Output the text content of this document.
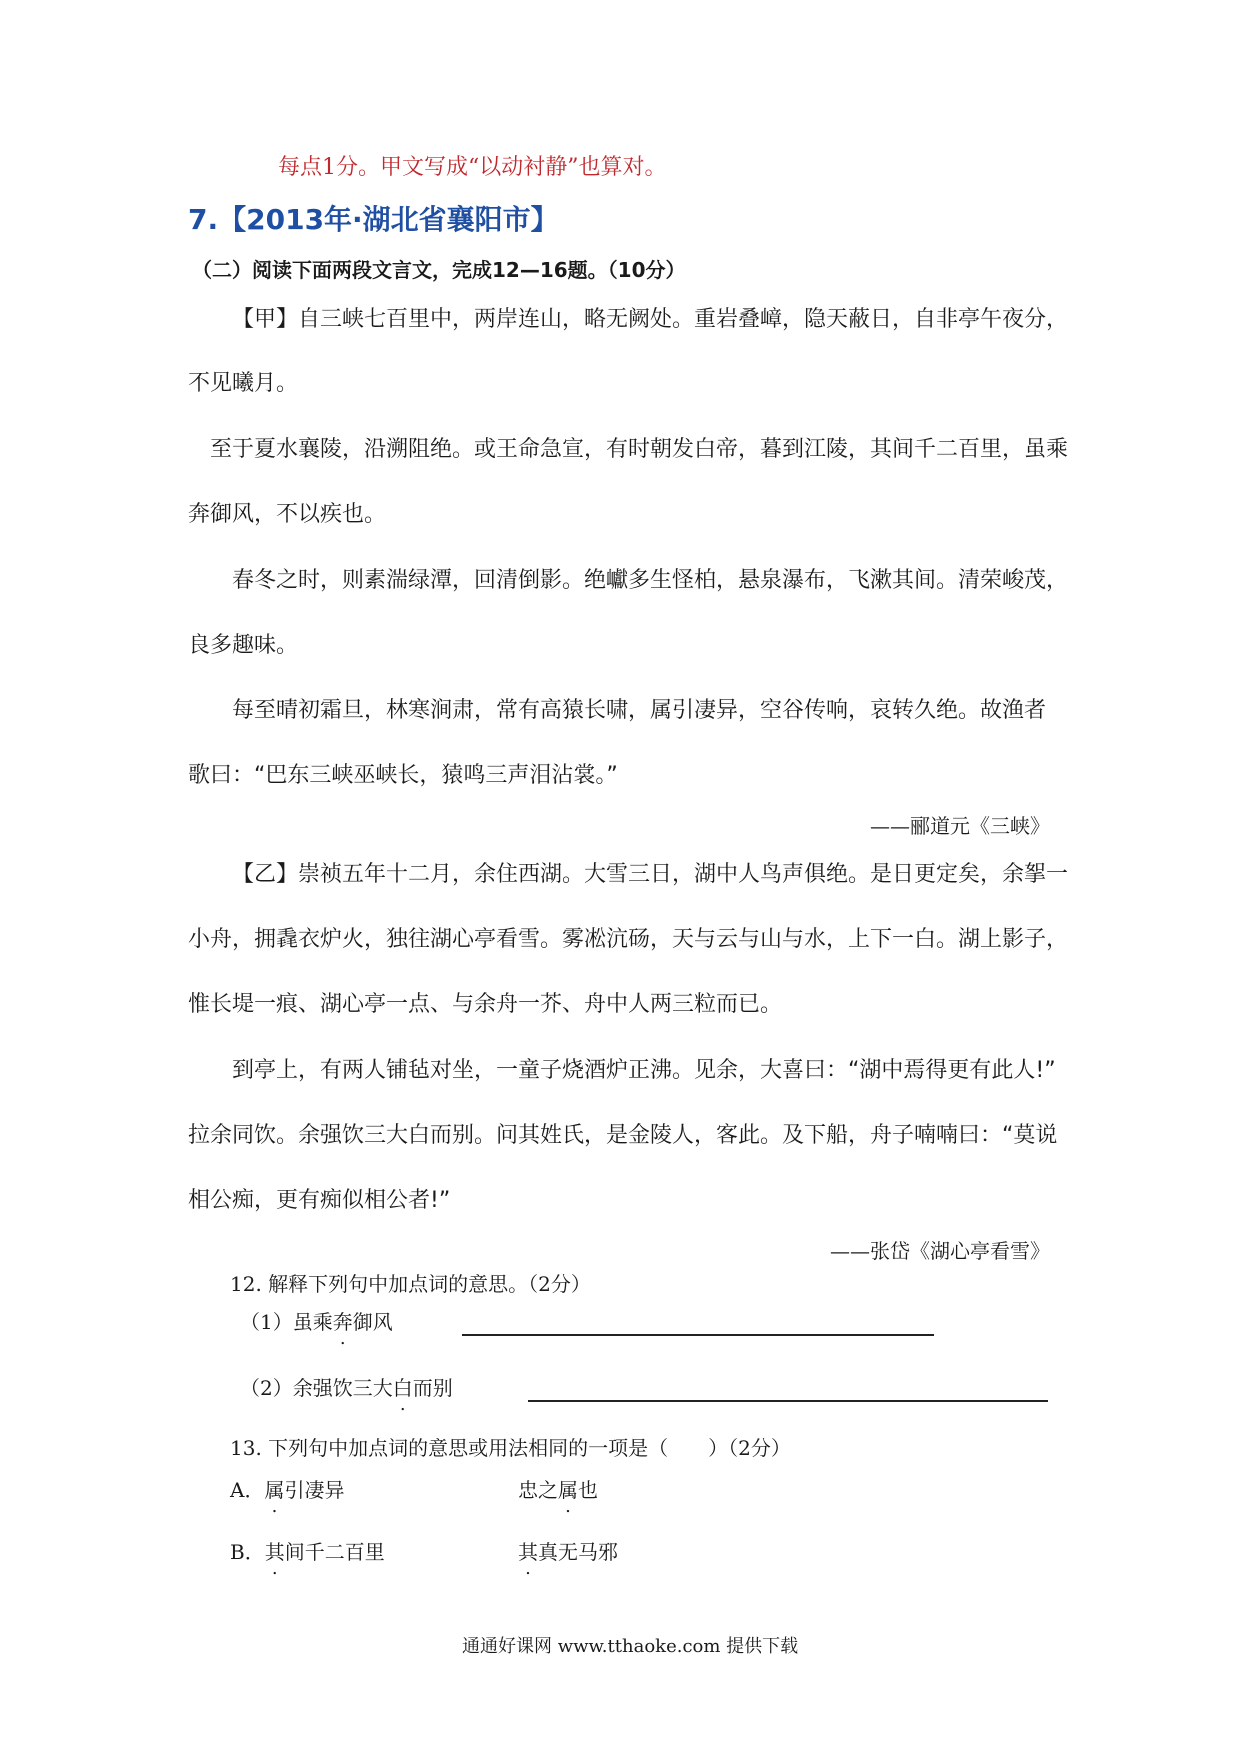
每点1分。甲文写成“以动衬静”也算对。
7.【2013年·湖北省襄阳市】
（二）阅读下面两段文言文，完成12—16题。（10分）
【甲】自三峡七百里中，两岸连山，略无阙处。重岩叠嶂，隐天蔽日，自非亭午夜分，
不见曦月。
至于夏水襄陵，沿溯阻绝。或王命急宣，有时朝发白帝，暮到江陵，其间千二百里，虽乘
奔御风，不以疾也。
春冬之时，则素湍绿潭，回清倒影。绝巘多生怪柏，悬泉瀑布，飞漱其间。清荣峻茂，
良多趣味。
每至晴初霜旦，林寒涧肃，常有高猿长啸，属引凄异，空谷传响，哀转久绝。故渔者
歌曰：“巴东三峡巫峡长，猿鸣三声泪沾裳。”
——郦道元《三峡》
【乙】崇祯五年十二月，余住西湖。大雪三日，湖中人鸟声俱绝。是日更定矣，余挐一
小舟，拥毳衣炉火，独往湖心亭看雪。雾凇沆砀，天与云与山与水，上下一白。湖上影子，
惟长堤一痕、湖心亭一点、与余舟一芥、舟中人两三粒而已。
到亭上，有两人铺毡对坐，一童子烧酒炉正沸。见余，大喜曰：“湖中焉得更有此人!”
拉余同饮。余强饮三大白而别。问其姓氏，是金陵人，客此。及下船，舟子喃喃曰：“莫说
相公痴，更有痴似相公者!”
——张岱《湖心亭看雪》
12. 解释下列句中加点词的意思。（2分）
（1）虽乘奔御风
（2）余强饮三大白而别
13. 下列句中加点词的意思或用法相同的一项是（　　）（2分）
A．属引凄异	忠之属也
B．其间千二百里	其真无马邪
通通好课网 www.tthaoke.com 提供下载
